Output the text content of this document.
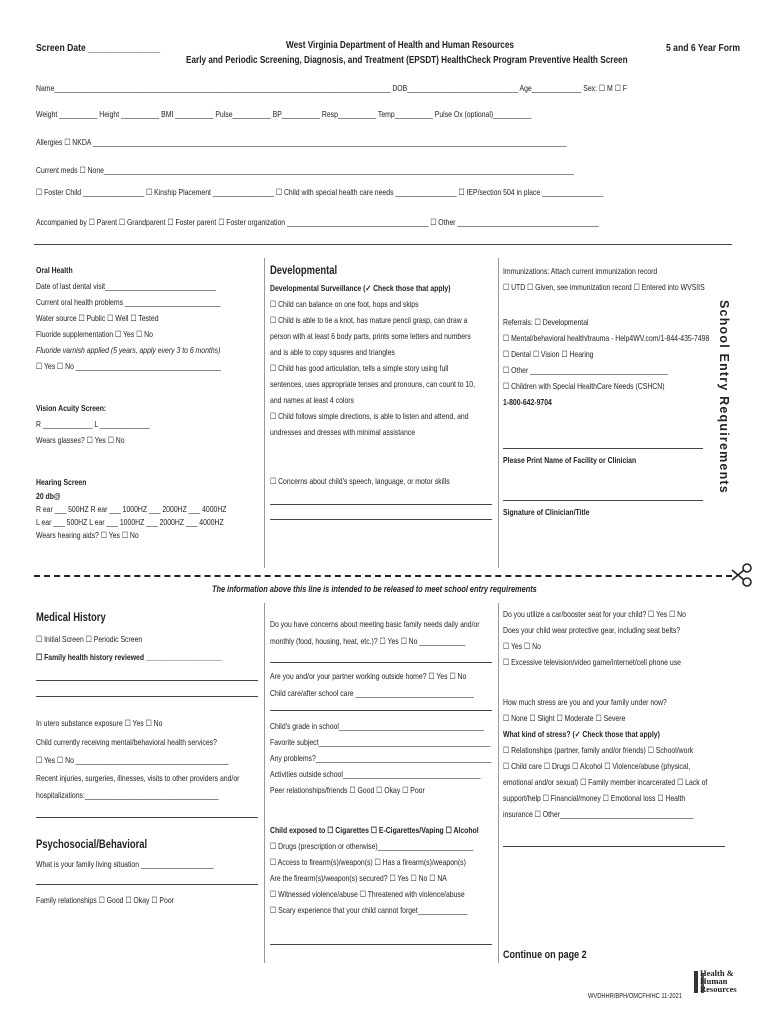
Screen Date _______________	West Virginia Department of Health and Human Resources
Early and Periodic Screening, Diagnosis, and Treatment (EPSDT) HealthCheck Program Preventive Health Screen
5 and 6 Year Form
Name________________________________________________________________________________________ DOB_____________________________ Age_____________ Sex: ☐ M ☐ F
Weight __________ Height __________ BMI __________ Pulse__________ BP__________ Resp__________ Temp__________ Pulse Ox (optional)__________
Allergies ☐ NKDA ____________________________________________________________________________________________________________________________
Current meds ☐ None___________________________________________________________________________________________________________________________
☐ Foster Child ________________ ☐ Kinship Placement ________________ ☐ Child with special health care needs ________________ ☐ IEP/section 504 in place ________________
Accompanied by ☐ Parent ☐ Grandparent ☐ Foster parent ☐ Foster organization _____________________________________ ☐ Other _____________________________________
Oral Health
Date of last dental visit_____________________________
Current oral health problems _________________________
Water source ☐ Public ☐ Well ☐ Tested
Fluoride supplementation ☐ Yes ☐ No
Fluoride varnish applied (5 years, apply every 3 to 6 months)
☐ Yes ☐ No ______________________________________
Vision Acuity Screen:
R _____________ L _____________
Wears glasses? ☐ Yes ☐ No
Hearing Screen
20 db@
R ear ___ 500HZ R ear ___ 1000HZ ___ 2000HZ ___ 4000HZ
L ear ___ 500HZ L ear ___ 1000HZ ___ 2000HZ ___ 4000HZ
Wears hearing aids? ☐ Yes ☐ No
Developmental
Developmental Surveillance (✓ Check those that apply)
☐ Child can balance on one foot, hops and skips
☐ Child is able to tie a knot, has mature pencil grasp, can draw a
person with at least 6 body parts, prints some letters and numbers
and is able to copy squares and triangles
☐ Child has good articulation, tells a simple story using full
sentences, uses appropriate tenses and pronouns, can count to 10,
and names at least 4 colors
☐ Child follows simple directions, is able to listen and attend, and
undresses and dresses with minimal assistance
☐ Concerns about child's speech, language, or motor skills
Immunizations: Attach current immunization record
☐ UTD ☐ Given, see immunization record ☐ Entered into WVSIIS
Referrals: ☐ Developmental
☐ Mental/behavioral health/trauma - Help4WV.com/1-844-435-7498
☐ Dental ☐ Vision ☐ Hearing
☐ Other ____________________________________
☐ Children with Special HealthCare Needs (CSHCN)
1-800-642-9704
Please Print Name of Facility or Clinician
Signature of Clinician/Title
School Entry Requirements
The information above this line is intended to be released to meet school entry requirements
Medical History
☐ Initial Screen ☐ Periodic Screen
☐ Family health history reviewed ____________________
In utero substance exposure ☐ Yes ☐ No
Child currently receiving mental/behavioral health services?
☐ Yes ☐ No ________________________________________
Recent injuries, surgeries, illnesses, visits to other providers and/or
hospitalizations:___________________________________
Psychosocial/Behavioral
What is your family living situation ___________________
Family relationships ☐ Good ☐ Okay ☐ Poor
Do you have concerns about meeting basic family needs daily and/or
monthly (food, housing, heat, etc.)? ☐ Yes ☐ No ____________
Are you and/or your partner working outside home? ☐ Yes ☐ No
Child care/after school care _______________________________
Child's grade in school______________________________________
Favorite subject_____________________________________________
Any problems?______________________________________________
Activities outside school____________________________________
Peer relationships/friends ☐ Good ☐ Okay ☐ Poor
Child exposed to ☐ Cigarettes ☐ E-Cigarettes/Vaping ☐ Alcohol
☐ Drugs (prescription or otherwise)_________________________
☐ Access to firearm(s)/weapon(s) ☐ Has a firearm(s)/weapon(s)
Are the firearm(s)/weapon(s) secured? ☐ Yes ☐ No ☐ NA
☐ Witnessed violence/abuse ☐ Threatened with violence/abuse
☐ Scary experience that your child cannot forget_____________
Do you utilize a car/booster seat for your child? ☐ Yes ☐ No
Does your child wear protective gear, including seat belts?
☐ Yes ☐ No
☐ Excessive television/video game/internet/cell phone use
How much stress are you and your family under now?
☐ None ☐ Slight ☐ Moderate ☐ Severe
What kind of stress? (✓ Check those that apply)
☐ Relationships (partner, family and/or friends) ☐ School/work
☐ Child care ☐ Drugs ☐ Alcohol ☐ Violence/abuse (physical,
emotional and/or sexual) ☐ Family member incarcerated ☐ Lack of
support/help ☐ Financial/money ☐ Emotional loss ☐ Health
insurance ☐ Other___________________________________
Continue on page 2
WVDHHR/BPH/OMCFH/HC 11-2021
Health & Human Resources
